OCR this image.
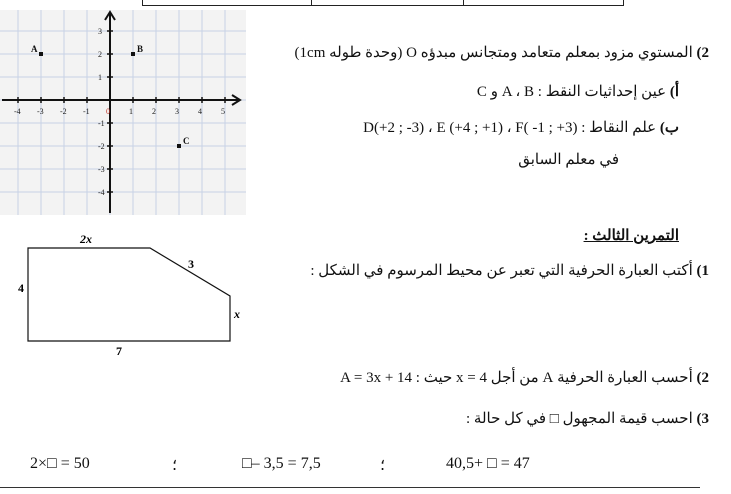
-4 -3 -2 -1 0 1 2 3 4 5
3
2
1
-1
-2
-3
-4
A	B
C
2) المستوي مزود بمعلم متعامد ومتجانس مبدؤه O (وحدة طوله 1cm)
أ) عين إحداثيات النقط : A ، B و C
ب) علم النقاط : D(+2 ; -3) ، E (+4 ; +1) ، F( -1 ; +3)
في معلم السابق
التمرين الثالث :
1) أكتب العبارة الحرفية التي تعبر عن محيط المرسوم في الشكل :
2x
3
4
x
7
2) أحسب العبارة الحرفية A من أجل x = 4 حيث : A = 3x + 14
3) احسب قيمة المجهول □ في كل حالة :
2×□ = 50	؛	□– 3,5 = 7,5	؛	40,5+ □ = 47
